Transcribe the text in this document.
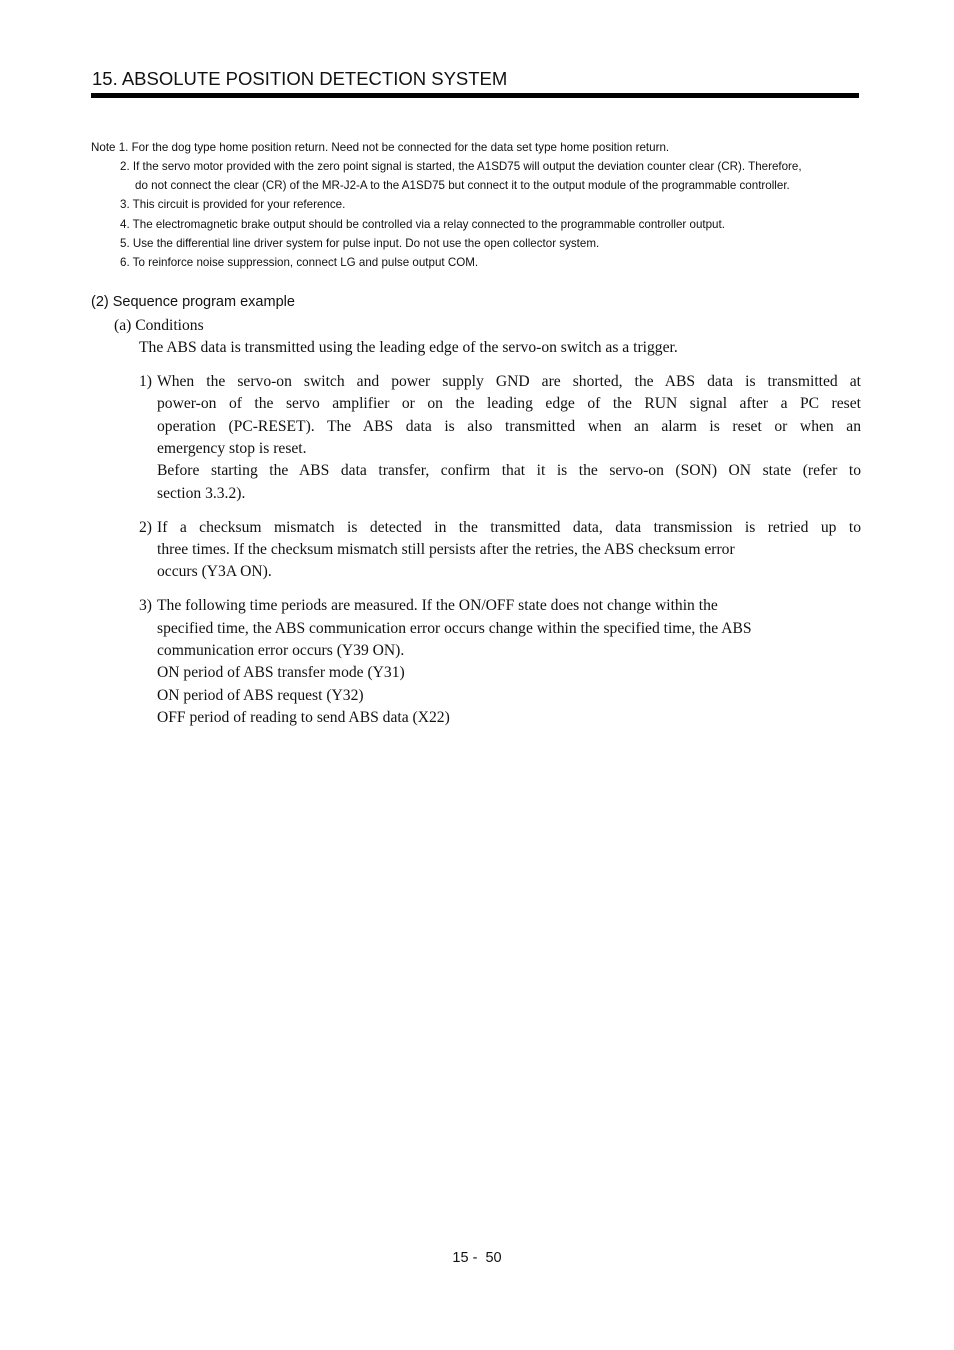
15. ABSOLUTE POSITION DETECTION SYSTEM
Note 1. For the dog type home position return. Need not be connected for the data set type home position return.
2. If the servo motor provided with the zero point signal is started, the A1SD75 will output the deviation counter clear (CR). Therefore,
do not connect the clear (CR) of the MR-J2-A to the A1SD75 but connect it to the output module of the programmable controller.
3. This circuit is provided for your reference.
4. The electromagnetic brake output should be controlled via a relay connected to the programmable controller output.
5. Use the differential line driver system for pulse input. Do not use the open collector system.
6. To reinforce noise suppression, connect LG and pulse output COM.
(2) Sequence program example
(a) Conditions
The ABS data is transmitted using the leading edge of the servo-on switch as a trigger.
1) When the servo-on switch and power supply GND are shorted, the ABS data is transmitted at
power-on of the servo amplifier or on the leading edge of the RUN signal after a PC reset
operation (PC-RESET). The ABS data is also transmitted when an alarm is reset or when an
emergency stop is reset.
Before starting the ABS data transfer, confirm that it is the servo-on (SON) ON state (refer to
section 3.3.2).
2) If a checksum mismatch is detected in the transmitted data, data transmission is retried up to
three times. If the checksum mismatch still persists after the retries, the ABS checksum error
occurs (Y3A ON).
3) The following time periods are measured. If the ON/OFF state does not change within the
specified time, the ABS communication error occurs change within the specified time, the ABS
communication error occurs (Y39 ON).
ON period of ABS transfer mode (Y31)
ON period of ABS request (Y32)
OFF period of reading to send ABS data (X22)
15 -  50
